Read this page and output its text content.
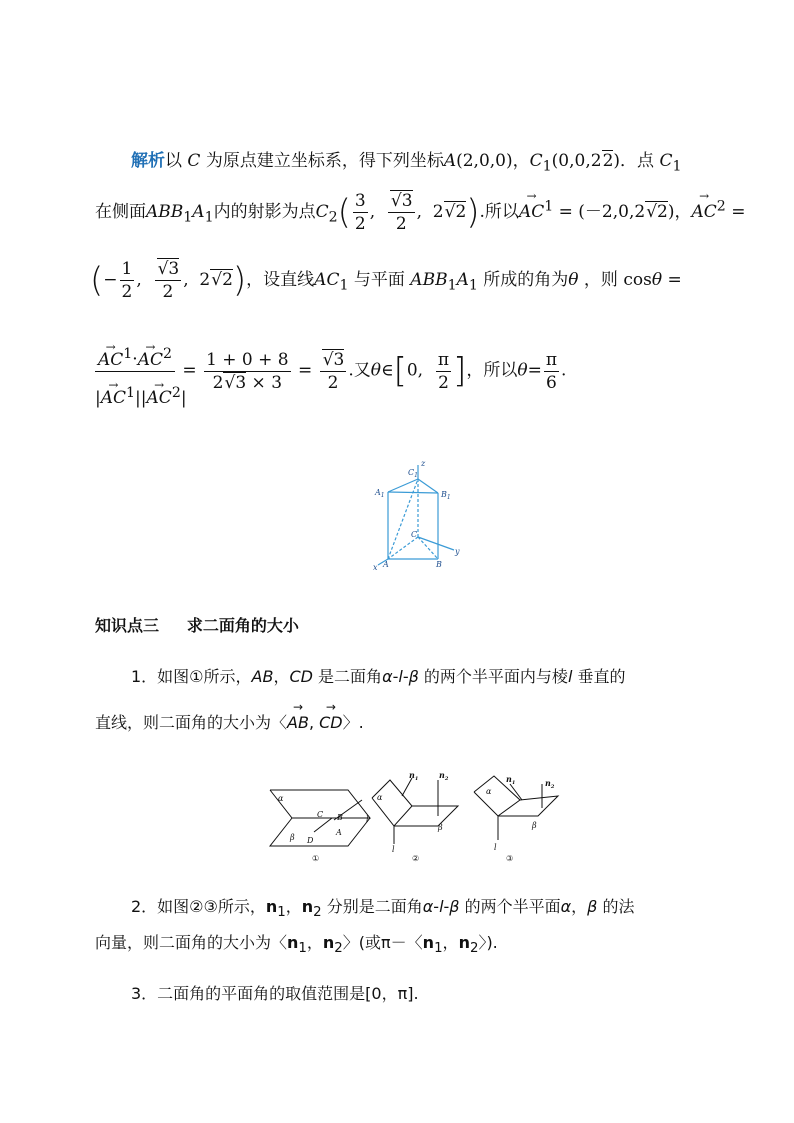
解析以 C 为原点建立坐标系，得下列坐标A(2,0,0)，$C_1(0,0,22)$．点 $C_1$
在侧面$ABB_1A_1$内的射影为点$C_2( \frac{3}{2}$ , $\frac{√3}{2}$ ,  2√2).所以→ $AC^1 = (-2,0,2√2)$，→ $AC^2$ =
(− $\frac{1}{2}$ , $\frac{√3}{2}$ ,  2√2)，设直线$AC_1$ 与平面 $ABB_1A_1$ 所成的角为θ ，则 cosθ =
→ $\frac{AC^1\cdot\to AC^2}{|\to AC^1||\to AC^2|} = \frac{1 + 0 + 8}{2√3 \times 3} = \frac{√3}{2}$ .又θ∈[0, $\frac{\pi}{2}$ ]，所以$\theta= \frac{\pi}{6}$ .
$C_1$
z
$A_1$	$B_1$
C
y
x A	B
知识点三 求二面角的大小
1．如图①所示，AB，CD 是二面角α-l-β 的两个半平面内与棱l 垂直的
直线，则二面角的大小为〈→ AB, → CD〉.
α
C B
β D
A
l
①
α
β
l
$n_1$	$n_2$
②
α
β
l
$n_1$	$n_2$
③
2．如图②③所示，$n_1$，$n_2$ 分别是二面角α-l-β 的两个半平面α，β 的法
向量，则二面角的大小为〈$n_1$，$n_2$〉(或π－〈$n_1$，$n_2$〉).
3．二面角的平面角的取值范围是[0，π].
